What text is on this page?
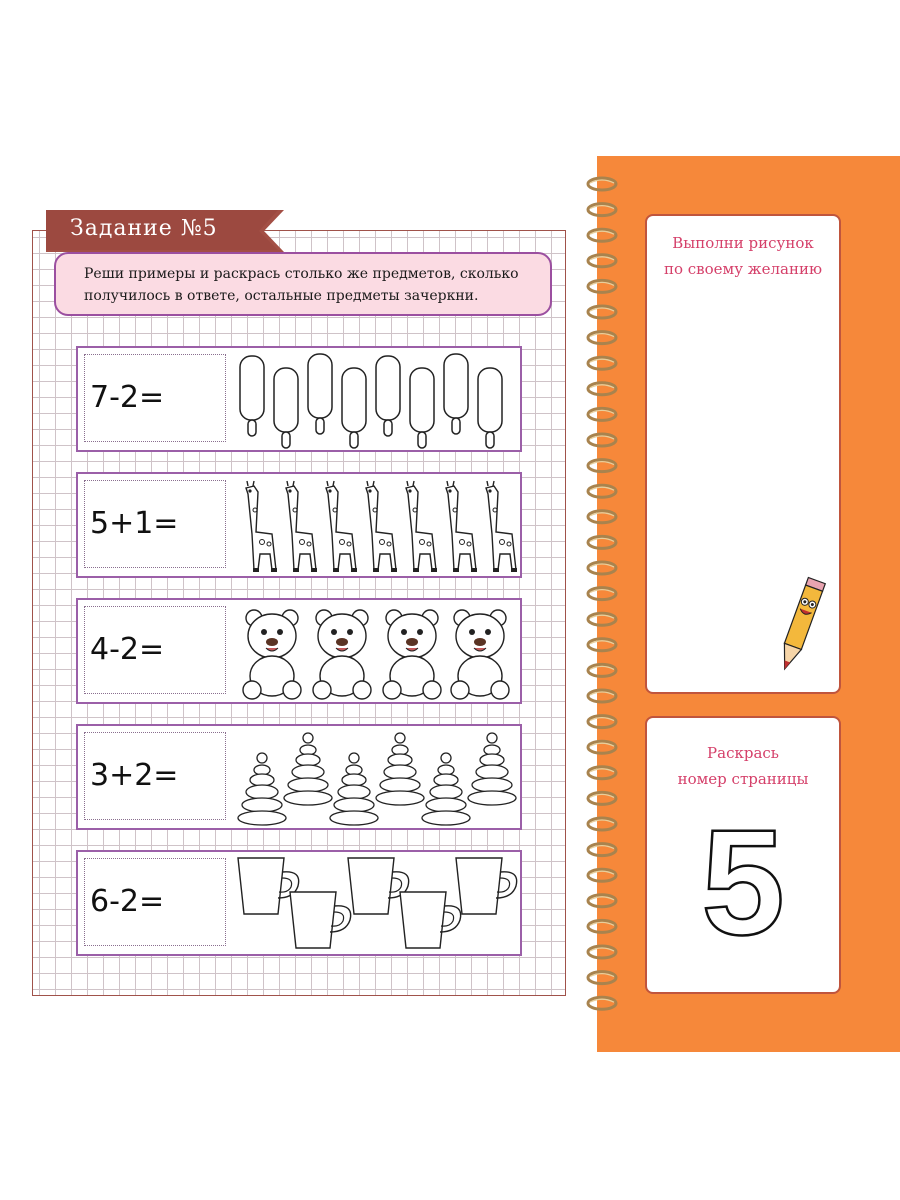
Задание №5
Реши примеры и раскрась столько же предметов, сколько
получилось в ответе, остальные предметы зачеркни.
7-2=
5+1=
4-2=
3+2=
6-2=
Выполни рисунок
по своему желанию
Раскрась
номер страницы
5
